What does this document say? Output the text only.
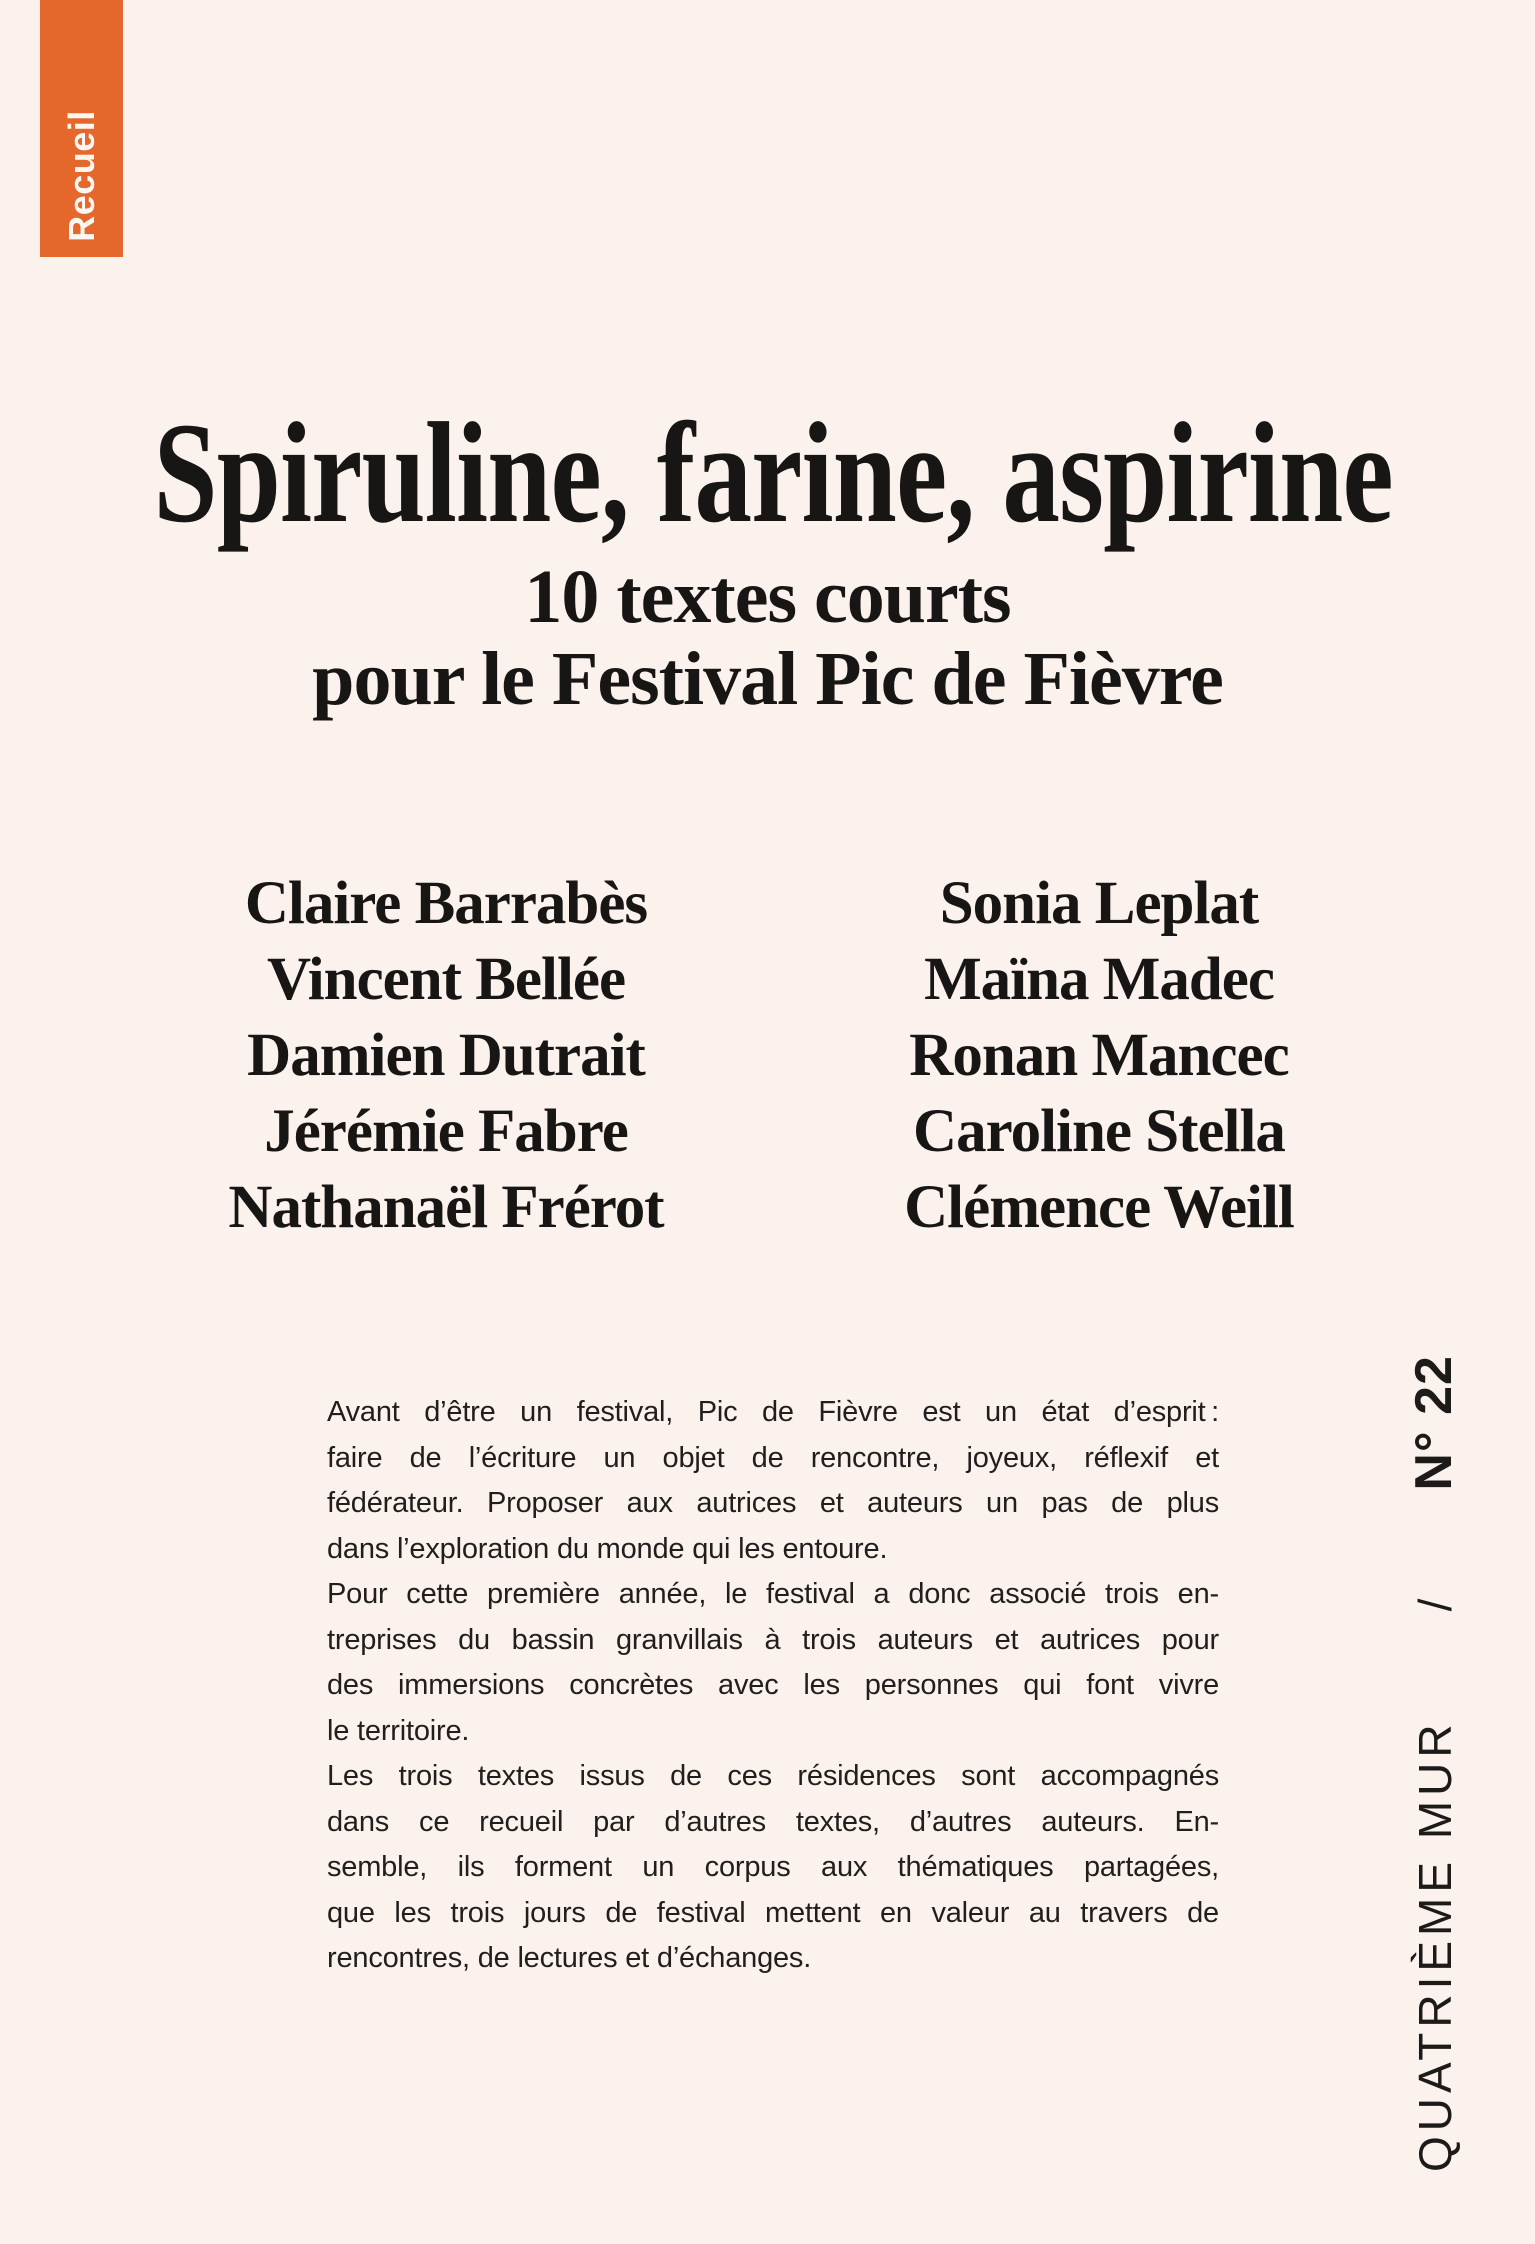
Recueil
Spiruline, farine, aspirine
10 textes courts
pour le Festival Pic de Fièvre
Claire Barrabès
Vincent Bellée
Damien Dutrait
Jérémie Fabre
Nathanaël Frérot
Sonia Leplat
Maïna Madec
Ronan Mancec
Caroline Stella
Clémence Weill
Avant d’être un festival, Pic de Fièvre est un état d’esprit :
faire de l’écriture un objet de rencontre, joyeux, réflexif et
fédérateur. Proposer aux autrices et auteurs un pas de plus
dans l’exploration du monde qui les entoure.
Pour cette première année, le festival a donc associé trois en-
treprises du bassin granvillais à trois auteurs et autrices pour
des immersions concrètes avec les personnes qui font vivre
le territoire.
Les trois textes issus de ces résidences sont accompagnés
dans ce recueil par d’autres textes, d’autres auteurs. En-
semble, ils forment un corpus aux thématiques partagées,
que les trois jours de festival mettent en valeur au travers de
rencontres, de lectures et d’échanges.	QUATRIÈME MUR
/
N° 22
